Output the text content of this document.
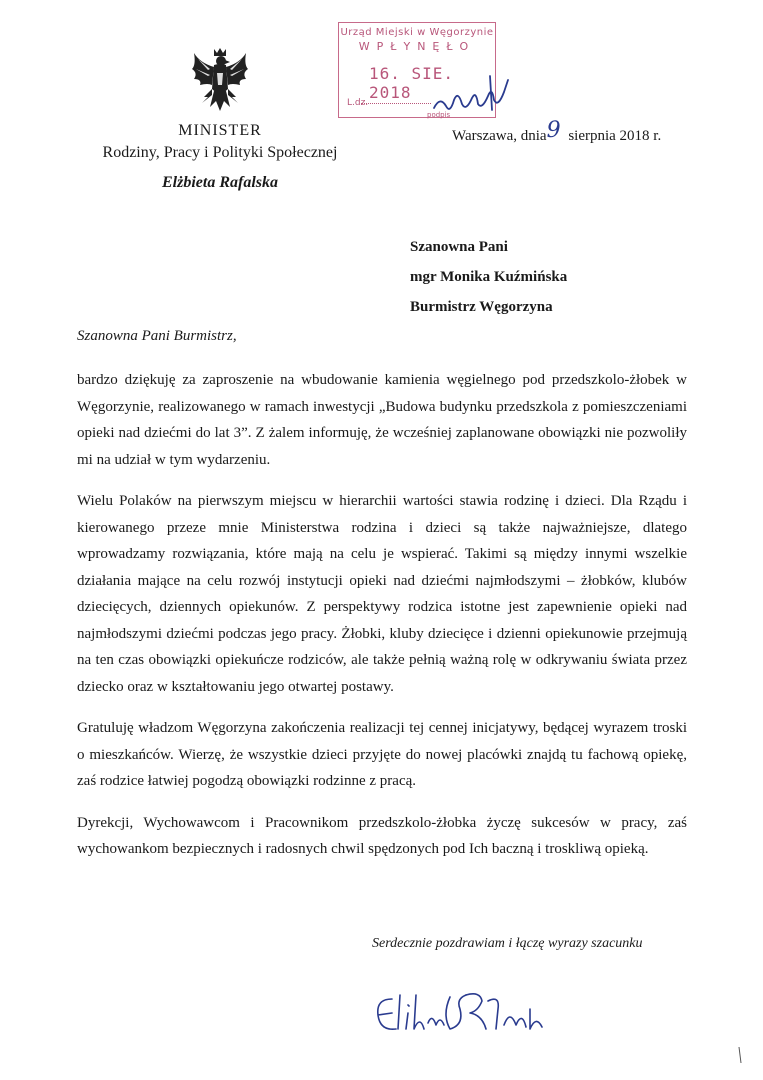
MINISTER
Rodziny, Pracy i Polityki Społecznej
Elżbieta Rafalska
Urząd Miejski w Węgorzynie
WPŁYNĘŁO
16. SIE. 2018
L.dz.
podpis
Warszawa, dnia9 sierpnia 2018 r.
Szanowna Pani
mgr Monika Kuźmińska
Burmistrz Węgorzyna
Szanowna Pani Burmistrz,

bardzo dziękuję za zaproszenie na wbudowanie kamienia węgielnego pod przedszkolo-żłobek w Węgorzynie, realizowanego w ramach inwestycji „Budowa budynku przedszkola z pomieszczeniami opieki nad dziećmi do lat 3”. Z żalem informuję, że wcześniej zaplanowane obowiązki nie pozwoliły mi na udział w tym wydarzeniu.

Wielu Polaków na pierwszym miejscu w hierarchii wartości stawia rodzinę i dzieci. Dla Rządu i kierowanego przeze mnie Ministerstwa rodzina i dzieci są także najważniejsze, dlatego wprowadzamy rozwiązania, które mają na celu je wspierać. Takimi są między innymi wszelkie działania mające na celu rozwój instytucji opieki nad dziećmi najmłodszymi – żłobków, klubów dziecięcych, dziennych opiekunów. Z perspektywy rodzica istotne jest zapewnienie opieki nad najmłodszymi dziećmi podczas jego pracy. Żłobki, kluby dziecięce i dzienni opiekunowie przejmują na ten czas obowiązki opiekuńcze rodziców, ale także pełnią ważną rolę w odkrywaniu świata przez dziecko oraz w kształtowaniu jego otwartej postawy.

Gratuluję władzom Węgorzyna zakończenia realizacji tej cennej inicjatywy, będącej wyrazem troski o mieszkańców. Wierzę, że wszystkie dzieci przyjęte do nowej placówki znajdą tu fachową opiekę, zaś rodzice łatwiej pogodzą obowiązki rodzinne z pracą.

Dyrekcji, Wychowawcom i Pracownikom przedszkolo-żłobka życzę sukcesów w pracy, zaś wychowankom bezpiecznych i radosnych chwil spędzonych pod Ich baczną i troskliwą opieką.

Serdecznie pozdrawiam i łączę wyrazy szacunku
